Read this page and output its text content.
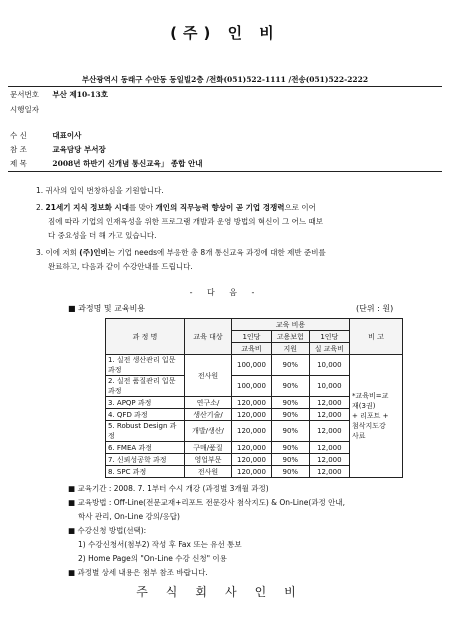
(주) 인 비
부산광역시 동래구 수안동 동일빌2층 /전화(051)522-1111 /전송(051)522-2222
문서번호 부산 제10-13호
시행일자
수 신	대표이사
참 조	교육담당 부서장
제 목	2008년 하반기 신개념 통신교육」 종합 안내

1. 귀사의 일익 번창하심을 기원합니다.

2. 21세기 지식 정보화 시대를 맞아 개인의 직무능력 향상이 곧 기업 경쟁력으로 이어
짐에 따라 기업의 인재육성을 위한 프로그램 개발과 운영 방법의 혁신이 그 어느 때보
다 중요성을 더 해 가고 있습니다.

3. 이에 저희 (주)인비는 기업 needs에 부응한 총 8개 통신교육 과정에 대한 제반 준비를
완료하고, 다음과 같이 수강안내를 드립니다.

- 다 음 -
■ 과정명 및 교육비용	(단위 : 원)
과 정 명	교육 대상	교육 비용			비 고
		1인당	고용보험	1인당	
		교육비	지원	실 교육비	
1. 실전 생산관리 입문과정	전사원	100,000	90%	10,000	*교육비=교
재(3권)
+ 리포트 +
첨삭지도강
사료
2. 실전 품질관리 입문과정		100,000	90%	10,000	
3. APQP 과정	연구소/	120,000	90%	12,000	
4. QFD 과정	생산기술/	120,000	90%	12,000	
5. Robust Design 과정	개발/생산/	120,000	90%	12,000	
6. FMEA 과정	구매/품질	120,000	90%	12,000	
7. 신뢰성공학 과정	영업부문	120,000	90%	12,000	
8. SPC 과정	전사원	120,000	90%	12,000	
■ 교육기간 : 2008. 7. 1부터 수시 개강 (과정별 3개월 과정)
■ 교육방법 : Off-Line(전문교재+리포트 전문강사 첨삭지도) & On-Line(과정 안내,
학사 관리, On-Line 강의/응답)
■ 수강신청 방법(선택):
1) 수강신청서(첨부2) 작성 후 Fax 또는 유선 통보
2) Home Page의 "On-Line 수강 신청" 이용
■ 과정별 상세 내용은 첨부 참조 바랍니다.
주식회사인비
